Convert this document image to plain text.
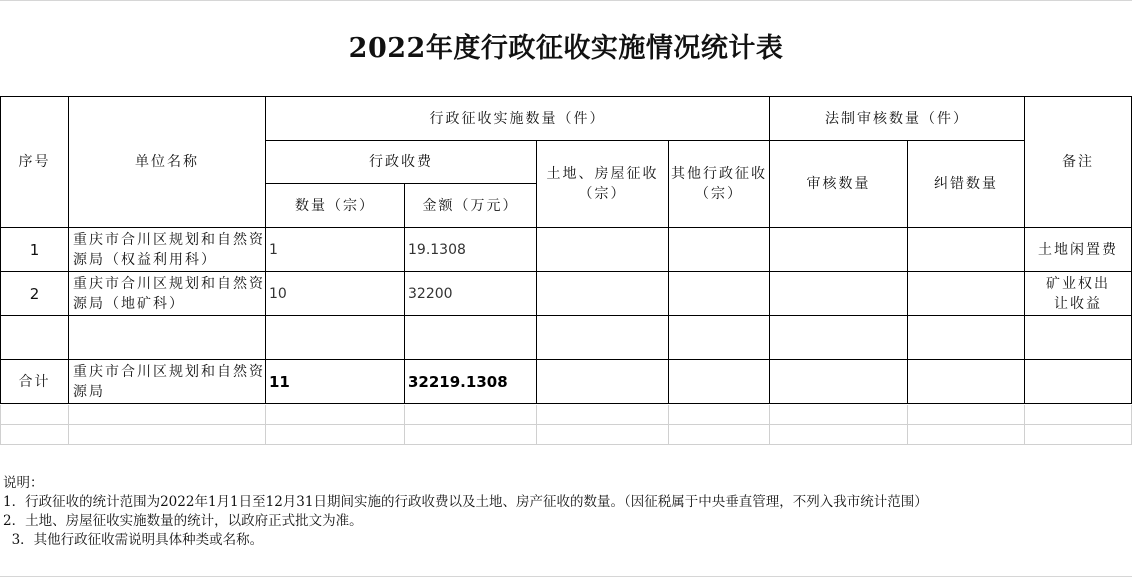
2022年度行政征收实施情况统计表
序号	单位名称	行政征收实施数量（件）				法制审核数量（件）		备注
		行政收费		土地、房屋征收（宗）	其他行政征收（宗）	审核数量	纠错数量	
		数量（宗）	金额（万元）					
1	重庆市合川区规划和自然资源局（权益利用科）	1	19.1308					土地闲置费
2	重庆市合川区规划和自然资源局（地矿科）	10	32200					矿业权出让收益

合计	重庆市合川区规划和自然资源局	11	32219.1308					

说明：
1．行政征收的统计范围为2022年1月1日至12月31日期间实施的行政收费以及土地、房产征收的数量。（因征税属于中央垂直管理，不列入我市统计范围）
2．土地、房屋征收实施数量的统计，以政府正式批文为准。
3．其他行政征收需说明具体种类或名称。
